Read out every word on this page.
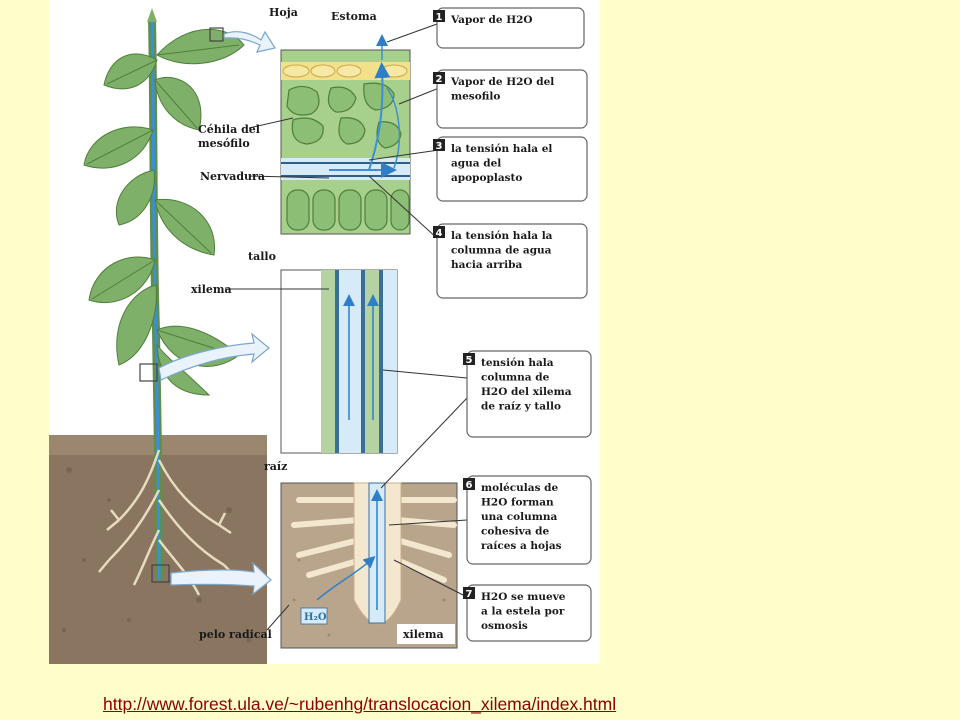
Hoja	Estoma
Céhila del
mesófilo
Nervadura
tallo
xilema
raíz
H₂O
xilema
pelo radical
1 Vapor de H2O
2 Vapor de H2O del
mesofilo
3 la tensión hala el
agua del
apopoplasto
4 la tensión hala la
columna de agua
hacia arriba
5 tensión hala
columna de
H2O del xilema
de raíz y tallo
6 moléculas de
H2O forman
una columna
cohesiva de
raíces a hojas
7 H2O se mueve
a la estela por
osmosis
http://www.forest.ula.ve/~rubenhg/translocacion_xilema/index.html
